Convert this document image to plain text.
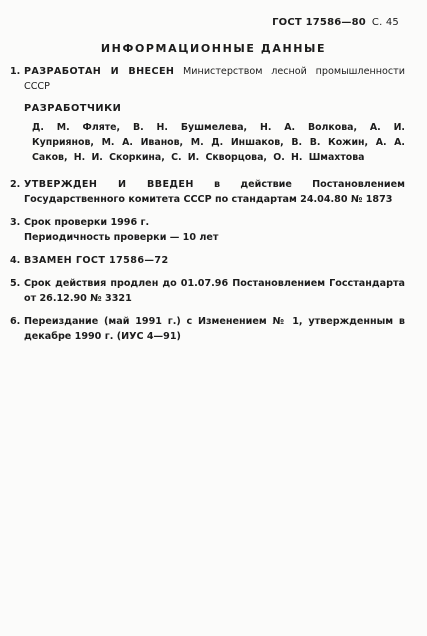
ГОСТ 17586—80 С. 45
ИНФОРМАЦИОННЫЕ ДАННЫЕ
1. РАЗРАБОТАН И ВНЕСЕН Министерством лесной промышленности СССР
РАЗРАБОТЧИКИ
Д. М. Фляте, В. Н. Бушмелева, Н. А. Волкова, А. И. Куприянов, М. А. Иванов, М. Д. Иншаков, В. В. Кожин, А. А. Саков, Н. И. Скоркина, С. И. Скворцова, О. Н. Шмахтова
2. УТВЕРЖДЕН И ВВЕДЕН в действие Постановлением Государственного комитета СССР по стандартам 24.04.80 № 1873
3. Срок проверки 1996 г.
Периодичность проверки — 10 лет
4. ВЗАМЕН ГОСТ 17586—72
5. Срок действия продлен до 01.07.96 Постановлением Госстандарта от 26.12.90 № 3321
6. Переиздание (май 1991 г.) с Изменением № 1, утвержденным в декабре 1990 г. (ИУС 4—91)
